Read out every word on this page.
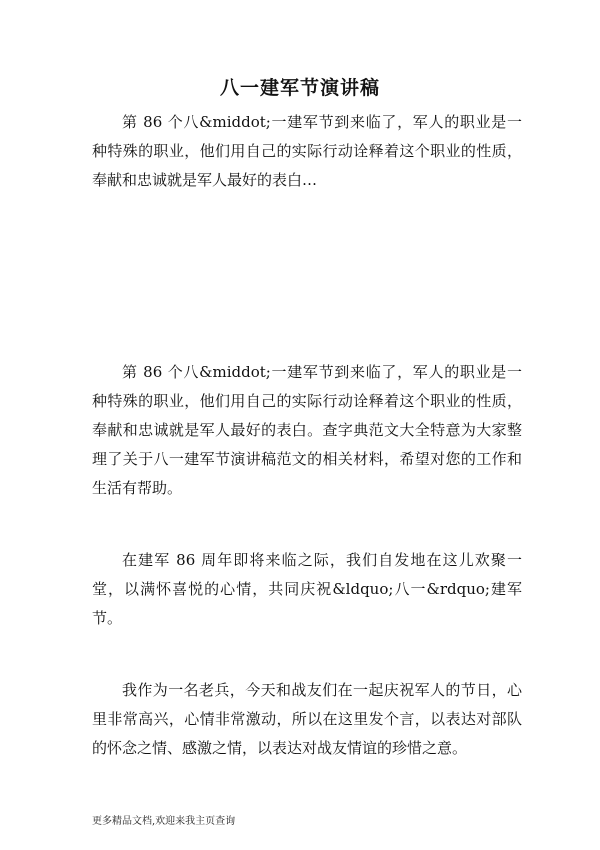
八一建军节演讲稿

第 86 个八&middot;一建军节到来临了，军人的职业是一种特殊的职业，他们用自己的实际行动诠释着这个职业的性质，奉献和忠诚就是军人最好的表白…

第 86 个八&middot;一建军节到来临了，军人的职业是一种特殊的职业，他们用自己的实际行动诠释着这个职业的性质，奉献和忠诚就是军人最好的表白。查字典范文大全特意为大家整理了关于八一建军节演讲稿范文的相关材料，希望对您的工作和生活有帮助。

在建军 86 周年即将来临之际，我们自发地在这儿欢聚一堂，以满怀喜悦的心情，共同庆祝&ldquo;八一&rdquo;建军节。

我作为一名老兵，今天和战友们在一起庆祝军人的节日，心里非常高兴，心情非常激动，所以在这里发个言，以表达对部队的怀念之情、感激之情，以表达对战友情谊的珍惜之意。

更多精品文档,欢迎来我主页查询
